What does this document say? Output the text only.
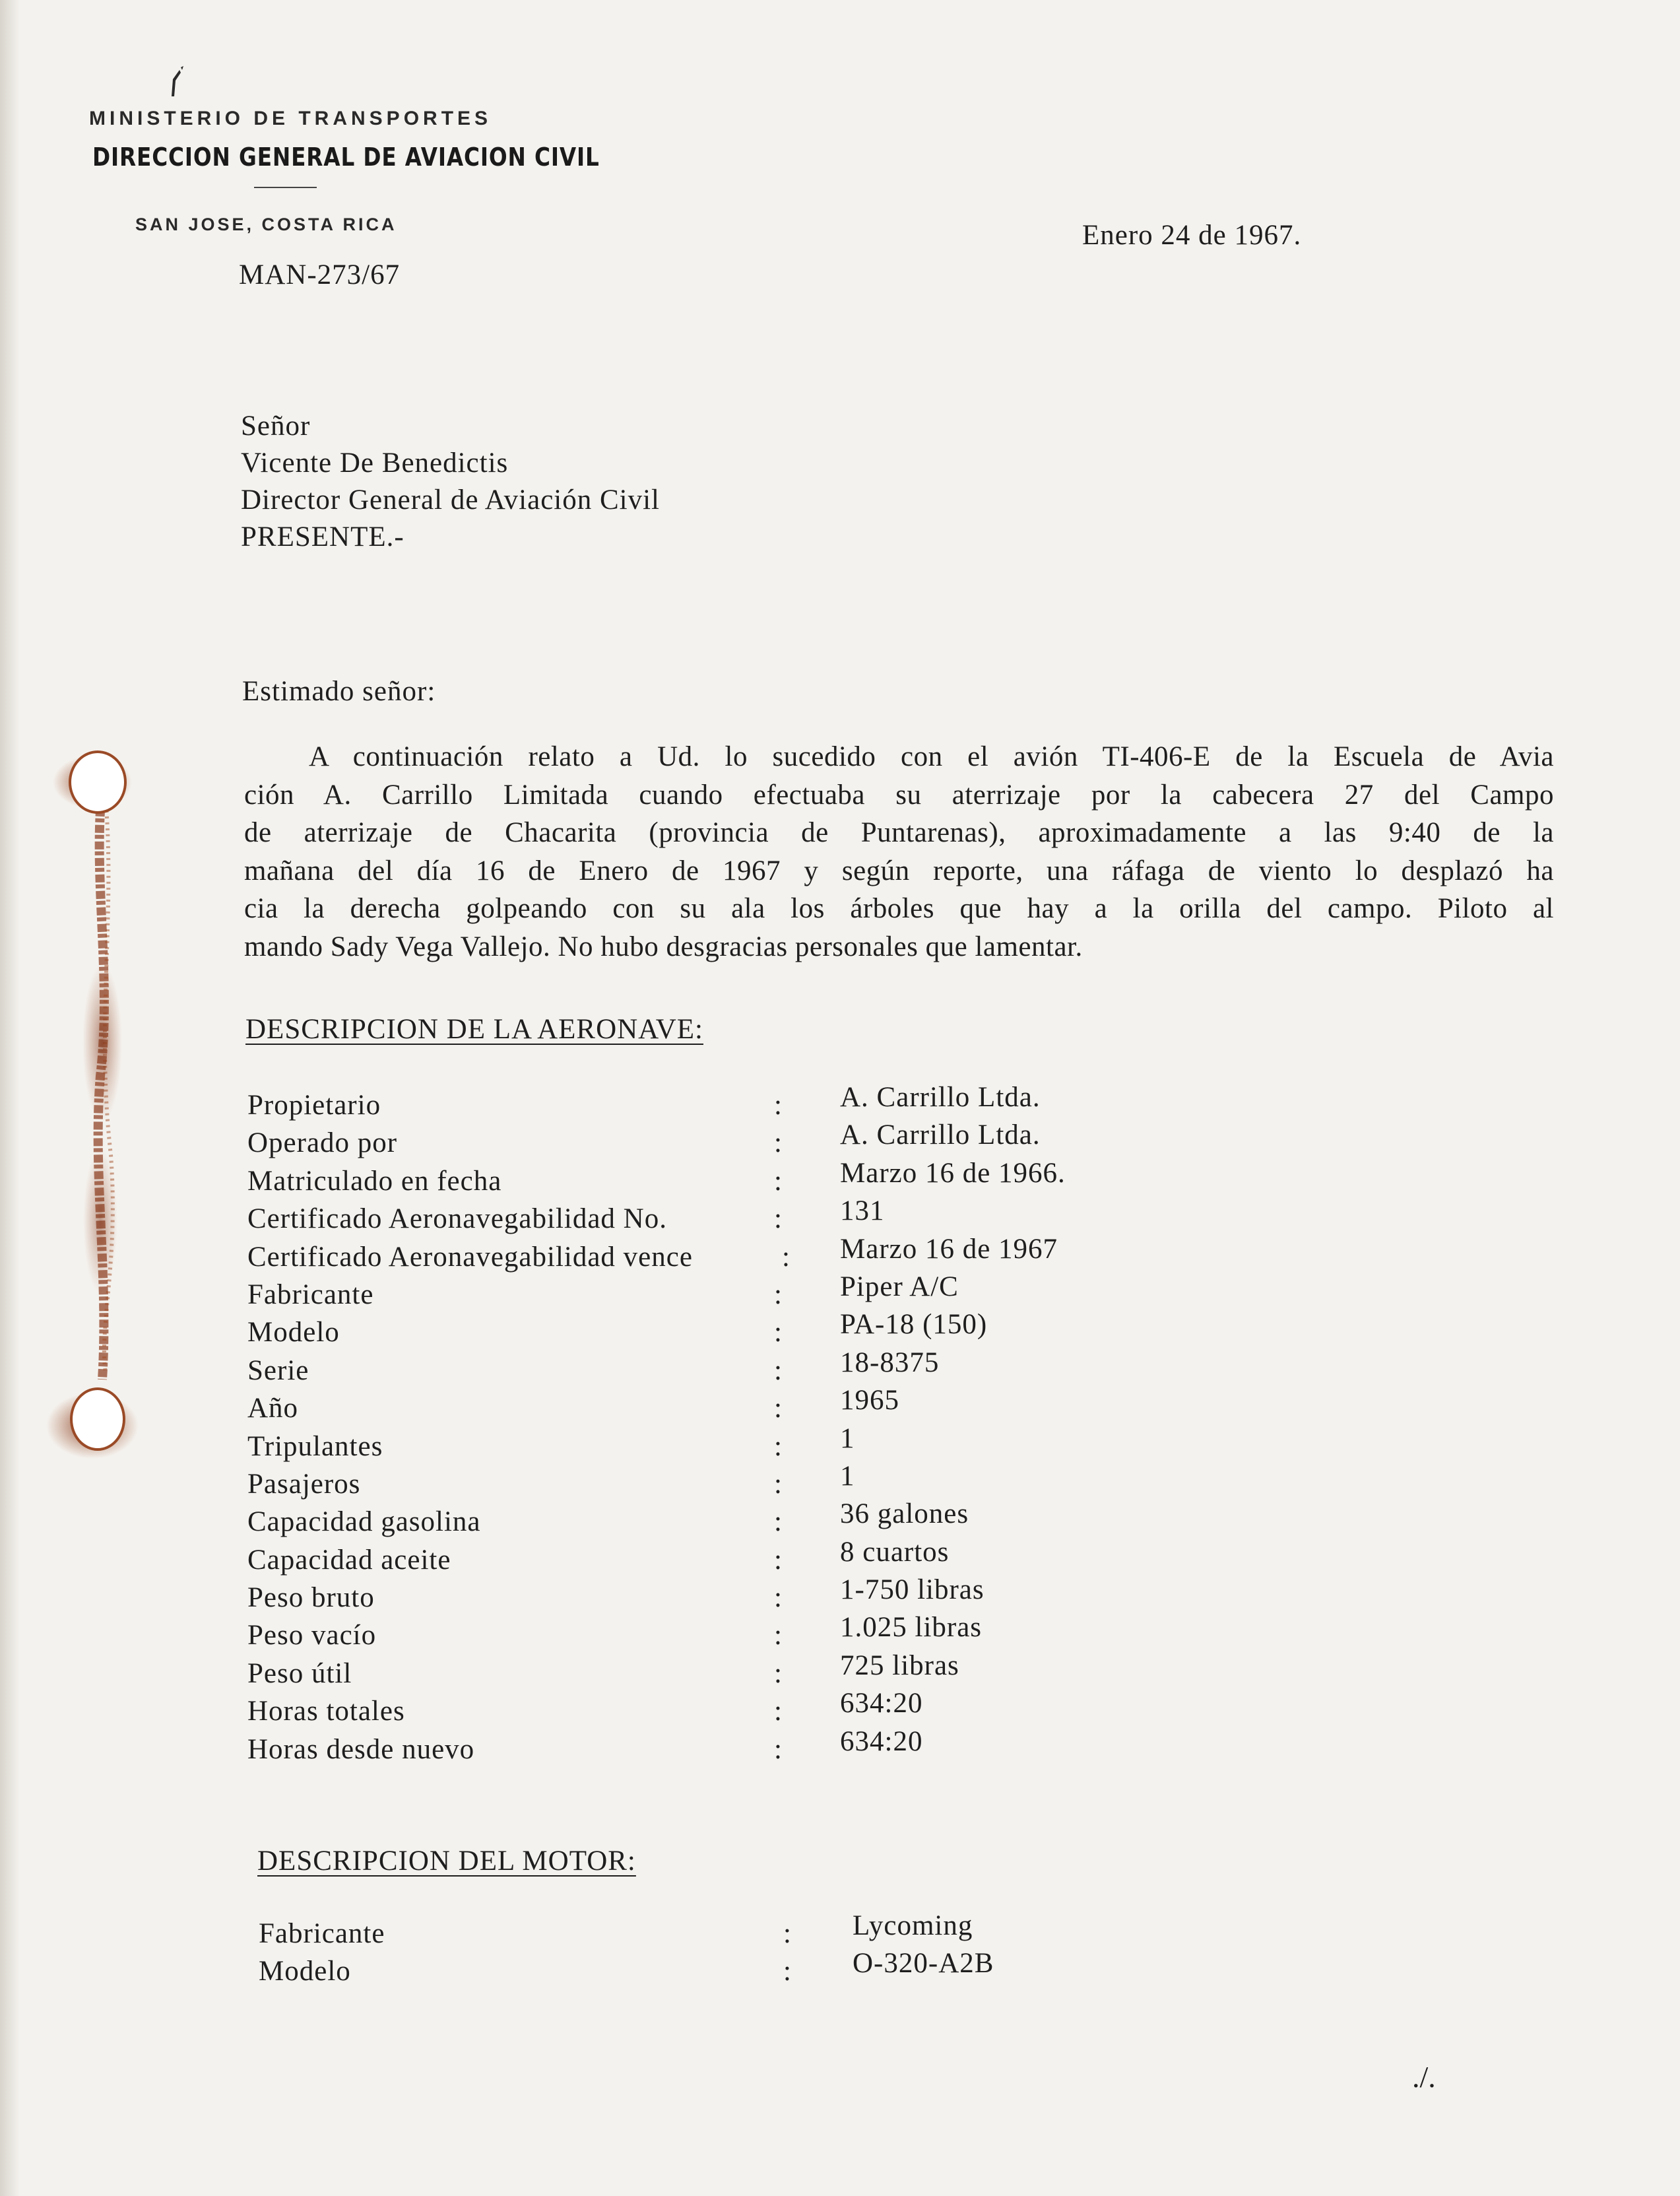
MINISTERIO DE TRANSPORTES
DIRECCION GENERAL DE AVIACION CIVIL
SAN JOSE, COSTA RICA
MAN-273/67
Enero 24 de 1967.
Señor
Vicente De Benedictis
Director General de Aviación Civil
PRESENTE.-
Estimado señor:
A continuación relato a Ud. lo sucedido con el avión TI-406-E de la Escuela de Avia
ción A. Carrillo Limitada cuando efectuaba su aterrizaje por la cabecera 27 del Campo
de aterrizaje de Chacarita (provincia de Puntarenas), aproximadamente a las 9:40 de la
mañana del día 16 de Enero de 1967 y según reporte, una ráfaga de viento lo desplazó ha
cia la derecha golpeando con su ala los árboles que hay a la orilla del campo. Piloto al
mando Sady Vega Vallejo. No hubo desgracias personales que lamentar.
DESCRIPCION DE LA AERONAVE:
Propietario	: A. Carrillo Ltda.
Operado por	: A. Carrillo Ltda.
Matriculado en fecha	: Marzo 16 de 1966.
Certificado Aeronavegabilidad No.	: 131
Certificado Aeronavegabilidad vence	: Marzo 16 de 1967
Fabricante	: Piper A/C
Modelo	: PA-18 (150)
Serie	: 18-8375
Año	: 1965
Tripulantes	: 1
Pasajeros	: 1
Capacidad gasolina	: 36 galones
Capacidad aceite	: 8 cuartos
Peso bruto	: 1-750 libras
Peso vacío	: 1.025 libras
Peso útil	: 725 libras
Horas totales	: 634:20
Horas desde nuevo	: 634:20
DESCRIPCION DEL MOTOR:
Fabricante	: Lycoming
Modelo	: O-320-A2B
./.
